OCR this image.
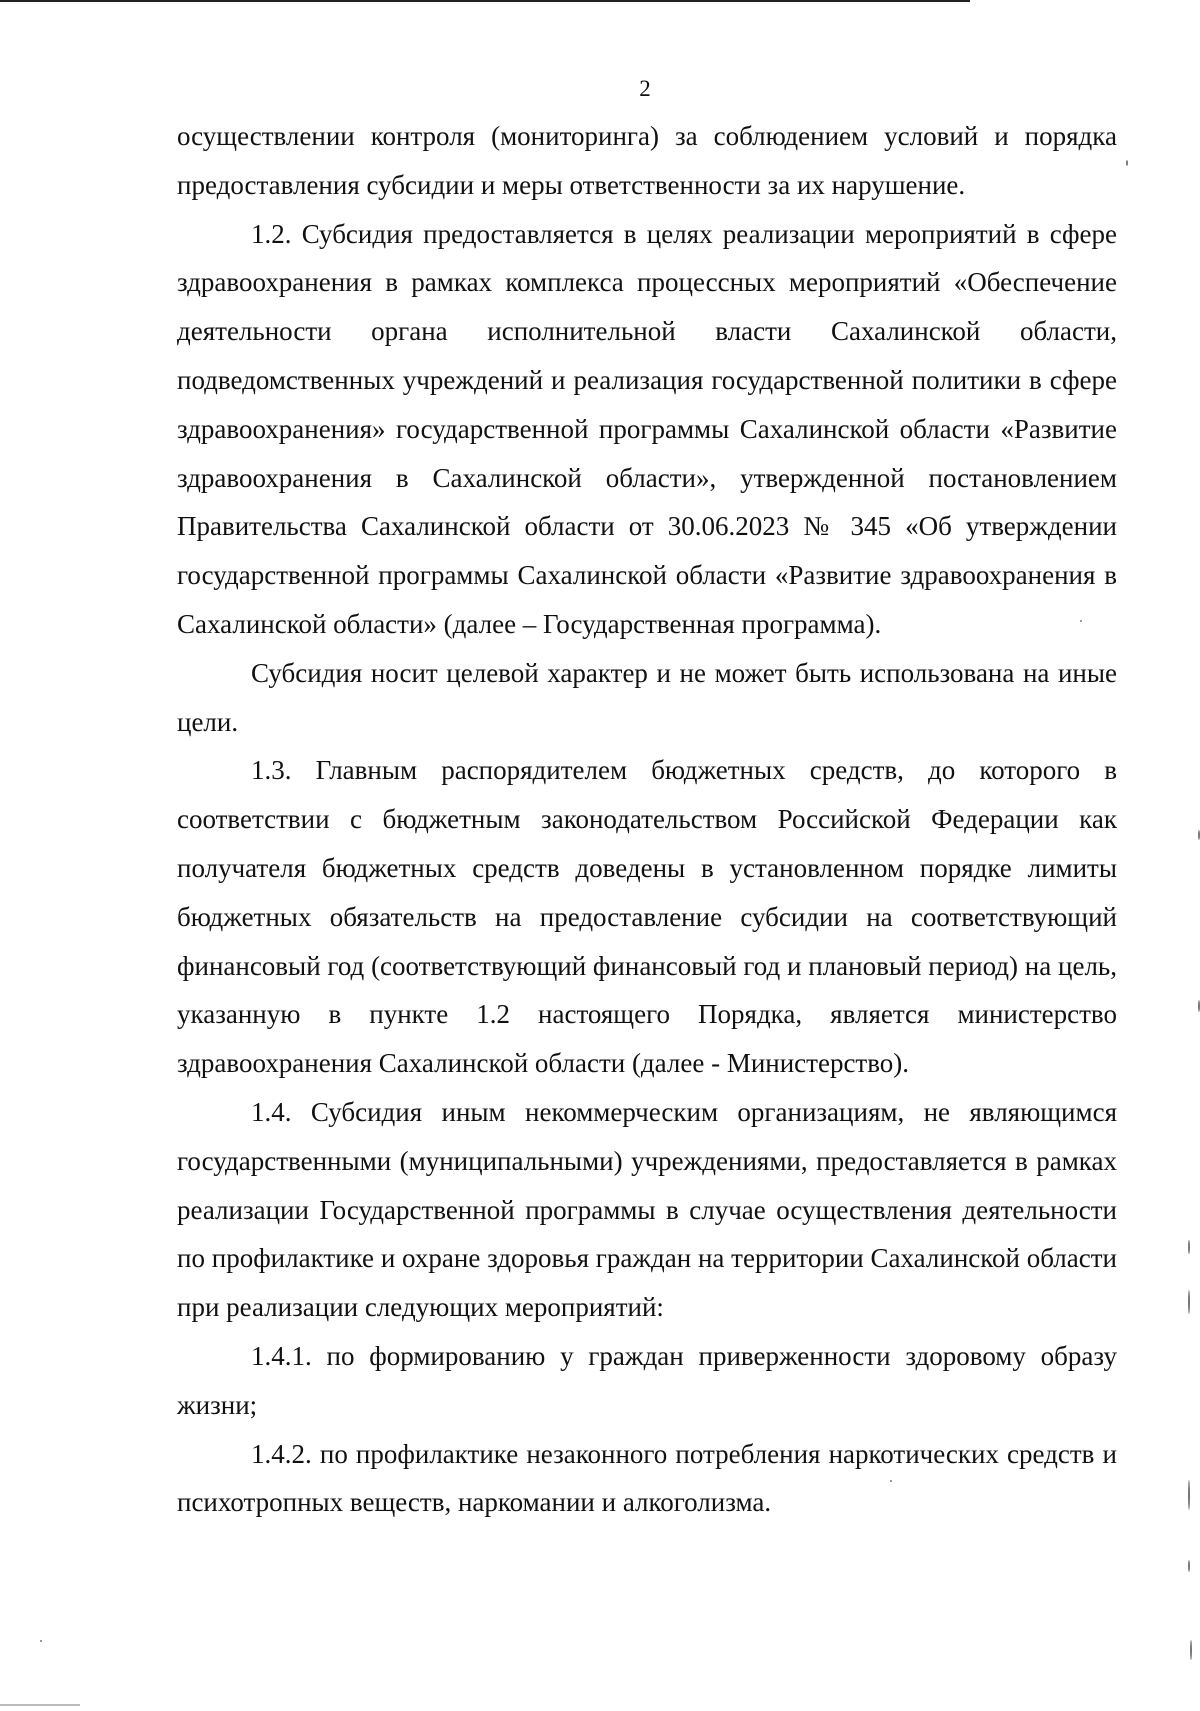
2

осуществлении контроля (мониторинга) за соблюдением условий и порядка предоставления субсидии и меры ответственности за их нарушение.

1.2. Субсидия предоставляется в целях реализации мероприятий в сфере здравоохранения в рамках комплекса процессных мероприятий «Обеспечение деятельности органа исполнительной власти Сахалинской области, подведомственных учреждений и реализация государственной политики в сфере здравоохранения» государственной программы Сахалинской области «Развитие здравоохранения в Сахалинской области», утвержденной постановлением Правительства Сахалинской области от 30.06.2023 № 345 «Об утверждении государственной программы Сахалинской области «Развитие здравоохранения в Сахалинской области» (далее – Государственная программа).

Субсидия носит целевой характер и не может быть использована на иные цели.

1.3. Главным распорядителем бюджетных средств, до которого в соответствии с бюджетным законодательством Российской Федерации как получателя бюджетных средств доведены в установленном порядке лимиты бюджетных обязательств на предоставление субсидии на соответствующий финансовый год (соответствующий финансовый год и плановый период) на цель, указанную в пункте 1.2 настоящего Порядка, является министерство здравоохранения Сахалинской области (далее - Министерство).

1.4. Субсидия иным некоммерческим организациям, не являющимся государственными (муниципальными) учреждениями, предоставляется в рамках реализации Государственной программы в случае осуществления деятельности по профилактике и охране здоровья граждан на территории Сахалинской области при реализации следующих мероприятий:

1.4.1. по формированию у граждан приверженности здоровому образу жизни;

1.4.2. по профилактике незаконного потребления наркотических средств и психотропных веществ, наркомании и алкоголизма.
